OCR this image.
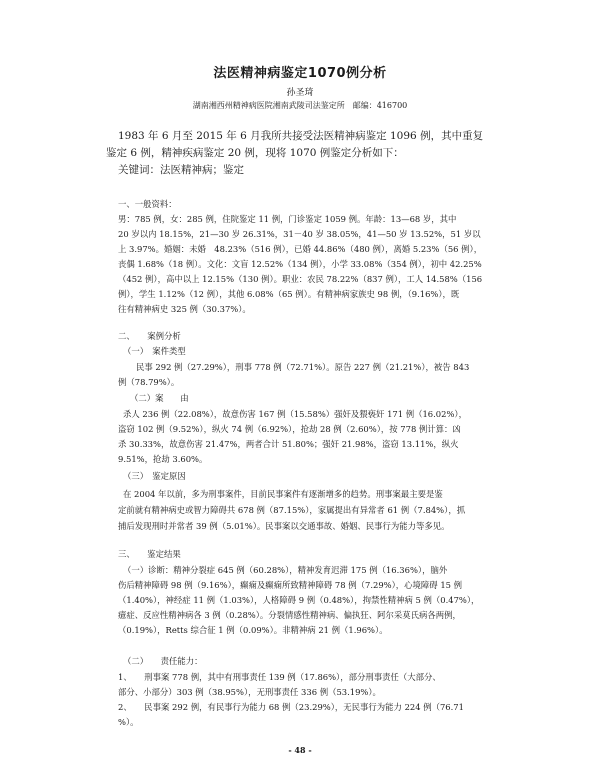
法医精神病鉴定1070例分析
孙圣琦
湖南湘西州精神病医院湘南武陵司法鉴定所　邮编：416700
1983 年 6 月至 2015 年 6 月我所共接受法医精神病鉴定 1096 例，其中重复
鉴定 6 例，精神疾病鉴定 20 例，现将 1070 例鉴定分析如下：
关键词：法医精神病；鉴定
一、一般资料：
男：785 例，女：285 例，住院鉴定 11 例，门诊鉴定 1059 例。年龄：13—68 岁，其中
20 岁以内 18.15%，21—30 岁 26.31%，31－40 岁 38.05%，41—50 岁 13.52%，51 岁以
上 3.97%。婚姻：未婚　48.23%（516 例），已婚 44.86%（480 例），离婚 5.23%（56 例），
丧偶 1.68%（18 例）。文化：文盲 12.52%（134 例），小学 33.08%（354 例），初中 42.25%
（452 例），高中以上 12.15%（130 例）。职业：农民 78.22%（837 例），工人 14.58%（156
例），学生 1.12%（12 例），其他 6.08%（65 例）。有精神病家族史 98 例，（9.16%），既
往有精神病史 325 例（30.37%）。
二、　　案例分析
（一）　案件类型
民事 292 例（27.29%），刑事 778 例（72.71%）。原告 227 例（21.21%），被告 843
例（78.79%）。
（二）案　　由
杀人 236 例（22.08%），故意伤害 167 例（15.58%）强奸及猥亵奸 171 例（16.02%），
盗窃 102 例（9.52%），纵火 74 例（6.92%），抢劫 28 例（2.60%），按 778 例计算：凶
杀 30.33%，故意伤害 21.47%，两者合计 51.80%；强奸 21.98%，盗窃 13.11%，纵火
9.51%，抢劫 3.60%。
（三）　鉴定原因
在 2004 年以前，多为刑事案件，目前民事案件有逐渐增多的趋势。刑事案最主要是鉴
定前就有精神病史或智力障碍共 678 例（87.15%），家属提出有异常者 61 例（7.84%），抓
捕后发现刑时并常者 39 例（5.01%）。民事案以交通事故、婚姻、民事行为能力等多见。
三、　　鉴定结果
（一）诊断：精神分裂症 645 例（60.28%），精神发育迟滞 175 例（16.36%），脑外
伤后精神障碍 98 例（9.16%），癫痫及癫痫所致精神障碍 78 例（7.29%），心境障碍 15 例
（1.40%），神经症 11 例（1.03%），人格障碍 9 例（0.48%），拘禁性精神病 5 例（0.47%），
癔症、反应性精神病各 3 例（0.28%）。分裂情感性精神病、偏执狂、阿尔采莫氏病各两例，
（0.19%），Retts 综合征 1 例（0.09%）。非精神病 21 例（1.96%）。
（二）　　责任能力：
1、　　刑事案 778 例，其中有刑事责任 139 例（17.86%），部分刑事责任（大部分、
部分、小部分）303 例（38.95%），无刑事责任 336 例（53.19%）。
2、　　民事案 292 例，有民事行为能力 68 例（23.29%），无民事行为能力 224 例（76.71
%）。
- 48 -
